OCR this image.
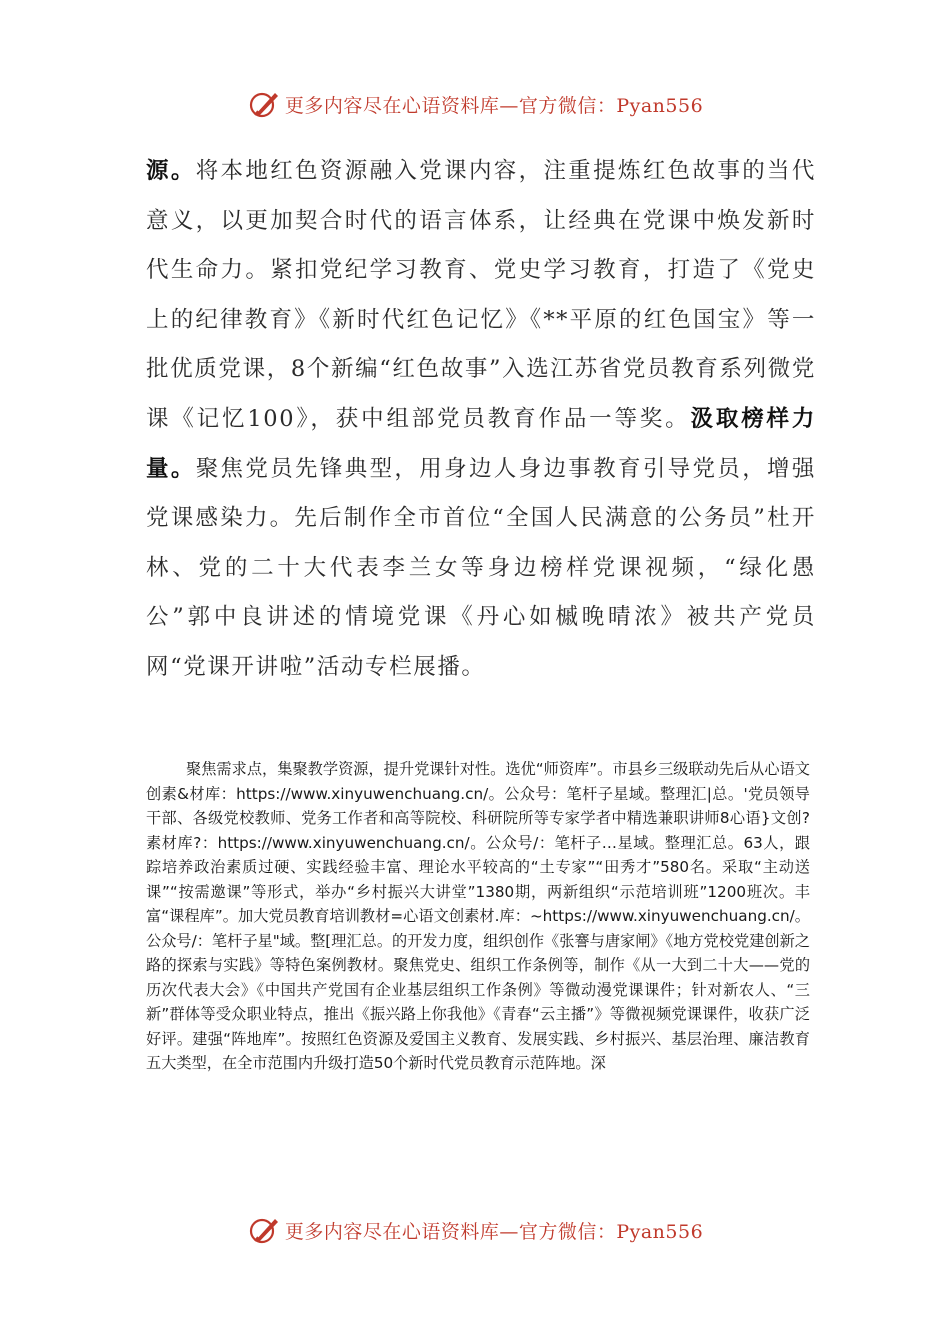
更多内容尽在心语资料库—官方微信：Pyan556
源。将本地红色资源融入党课内容，注重提炼红色故事的当代意义，以更加契合时代的语言体系，让经典在党课中焕发新时代生命力。紧扣党纪学习教育、党史学习教育，打造了《党史上的纪律教育》《新时代红色记忆》《**平原的红色国宝》等一批优质党课，8个新编“红色故事”入选江苏省党员教育系列微党课《记忆100》，获中组部党员教育作品一等奖。汲取榜样力量。聚焦党员先锋典型，用身边人身边事教育引导党员，增强党课感染力。先后制作全市首位“全国人民满意的公务员”杜开林、党的二十大代表李兰女等身边榜样党课视频，“绿化愚公”郭中良讲述的情境党课《丹心如槭晚晴浓》被共产党员网“党课开讲啦”活动专栏展播。
聚焦需求点，集聚教学资源，提升党课针对性。选优“师资库”。市县乡三级联动先后从心语文创素&材库：https://www.xinyuwenchuang.cn/。公众号：笔杆子星域。整理汇|总。'党员领导干部、各级党校教师、党务工作者和高等院校、科研院所等专家学者中精选兼职讲师8心语}文创?素材库?：https://www.xinyuwenchuang.cn/。公众号/：笔杆子…星域。整理汇总。63人，跟踪培养政治素质过硬、实践经验丰富、理论水平较高的“土专家”“田秀才”580名。采取“主动送课”“按需邀课”等形式，举办“乡村振兴大讲堂”1380期，两新组织“示范培训班”1200班次。丰富“课程库”。加大党员教育培训教材=心语文创素材.库：~https://www.xinyuwenchuang.cn/。公众号/：笔杆子星"域。整[理汇总。的开发力度，组织创作《张謇与唐家闸》《地方党校党建创新之路的探索与实践》等特色案例教材。聚焦党史、组织工作条例等，制作《从一大到二十大——党的历次代表大会》《中国共产党国有企业基层组织工作条例》等微动漫党课课件；针对新农人、“三新”群体等受众职业特点，推出《振兴路上你我他》《青春“云主播”》等微视频党课课件，收获广泛好评。建强“阵地库”。按照红色资源及爱国主义教育、发展实践、乡村振兴、基层治理、廉洁教育五大类型，在全市范围内升级打造50个新时代党员教育示范阵地。深
更多内容尽在心语资料库—官方微信：Pyan556
